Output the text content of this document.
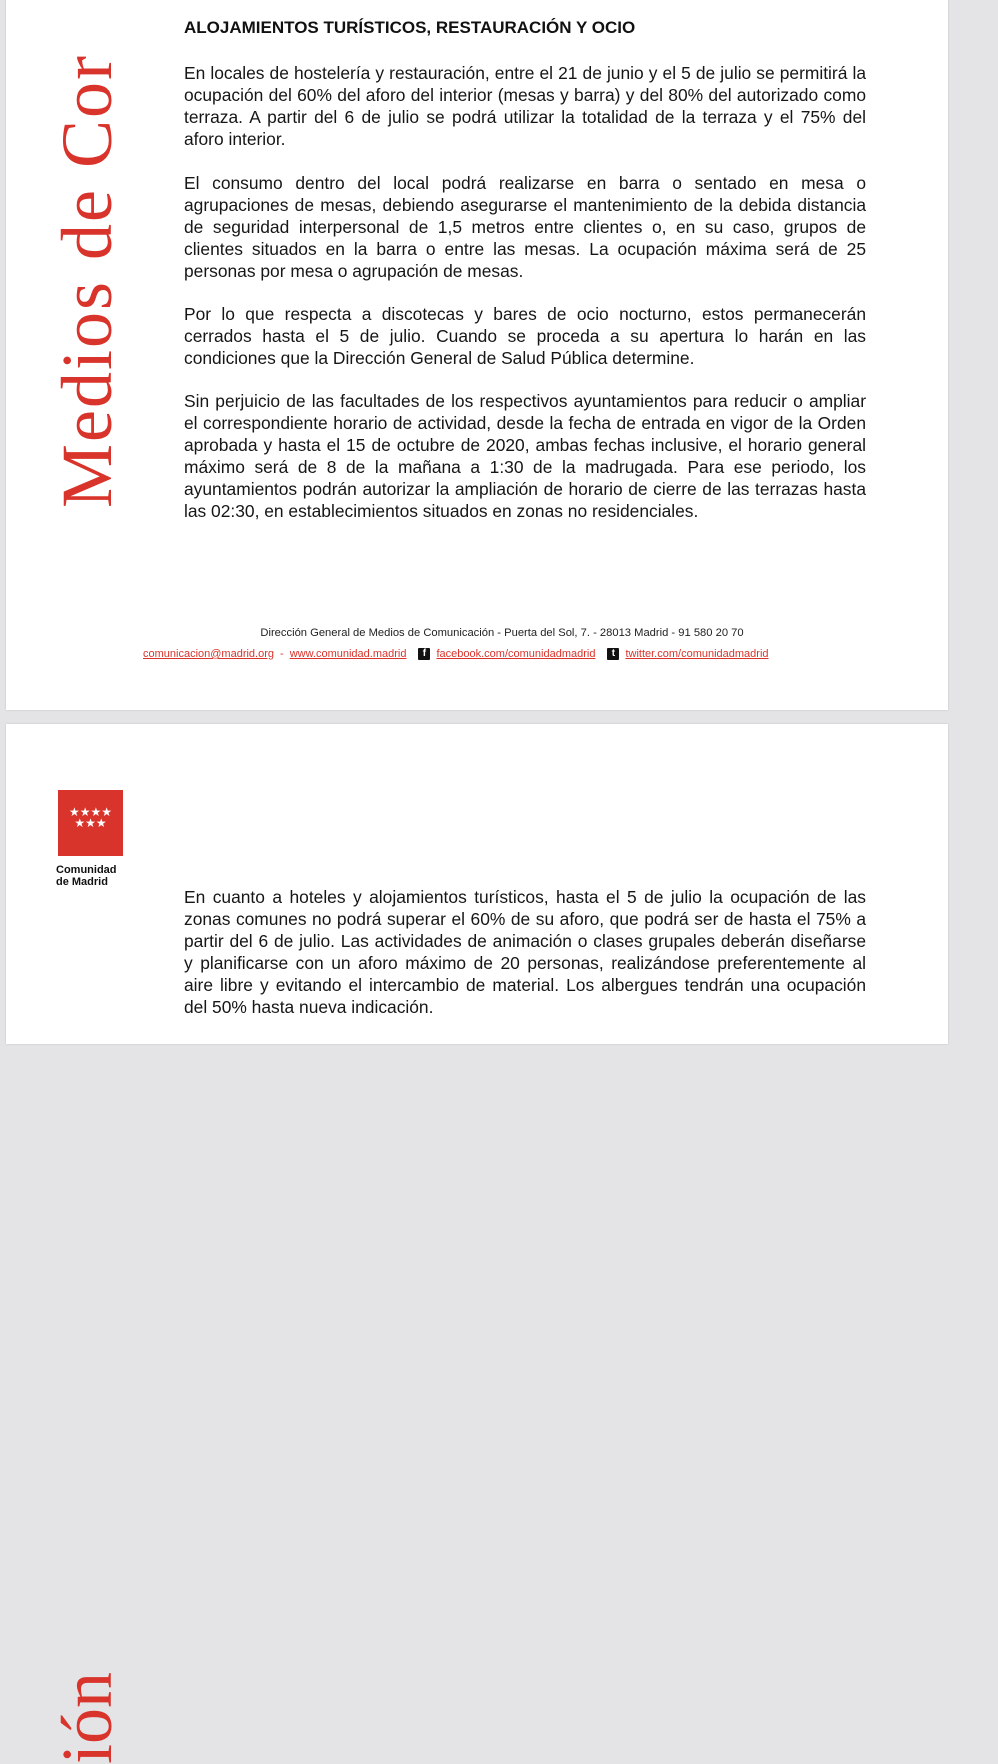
Medios de Cor
ALOJAMIENTOS TURÍSTICOS, RESTAURACIÓN Y OCIO

En locales de hostelería y restauración, entre el 21 de junio y el 5 de julio se permitirá la ocupación del 60% del aforo del interior (mesas y barra) y del 80% del autorizado como terraza. A partir del 6 de julio se podrá utilizar la totalidad de la terraza y el 75% del aforo interior.

El consumo dentro del local podrá realizarse en barra o sentado en mesa o agrupaciones de mesas, debiendo asegurarse el mantenimiento de la debida distancia de seguridad interpersonal de 1,5 metros entre clientes o, en su caso, grupos de clientes situados en la barra o entre las mesas. La ocupación máxima será de 25 personas por mesa o agrupación de mesas.

Por lo que respecta a discotecas y bares de ocio nocturno, estos permanecerán cerrados hasta el 5 de julio. Cuando se proceda a su apertura lo harán en las condiciones que la Dirección General de Salud Pública determine.

Sin perjuicio de las facultades de los respectivos ayuntamientos para reducir o ampliar el correspondiente horario de actividad, desde la fecha de entrada en vigor de la Orden aprobada y hasta el 15 de octubre de 2020, ambas fechas inclusive, el horario general máximo será de 8 de la mañana a 1:30 de la madrugada. Para ese periodo, los ayuntamientos podrán autorizar la ampliación de horario de cierre de las terrazas hasta las 02:30, en establecimientos situados en zonas no residenciales.

Dirección General de Medios de Comunicación - Puerta del Sol, 7. - 28013 Madrid - 91 580 20 70

comunicacion@madrid.org - www.comunidad.madrid	f facebook.com/comunidadmadrid	t twitter.com/comunidadmadrid
★★★★
★★★

Comunidad
de Madrid

ión

En cuanto a hoteles y alojamientos turísticos, hasta el 5 de julio la ocupación de las zonas comunes no podrá superar el 60% de su aforo, que podrá ser de hasta el 75% a partir del 6 de julio. Las actividades de animación o clases grupales deberán diseñarse y planificarse con un aforo máximo de 20 personas, realizándose preferentemente al aire libre y evitando el intercambio de material. Los albergues tendrán una ocupación del 50% hasta nueva indicación.
